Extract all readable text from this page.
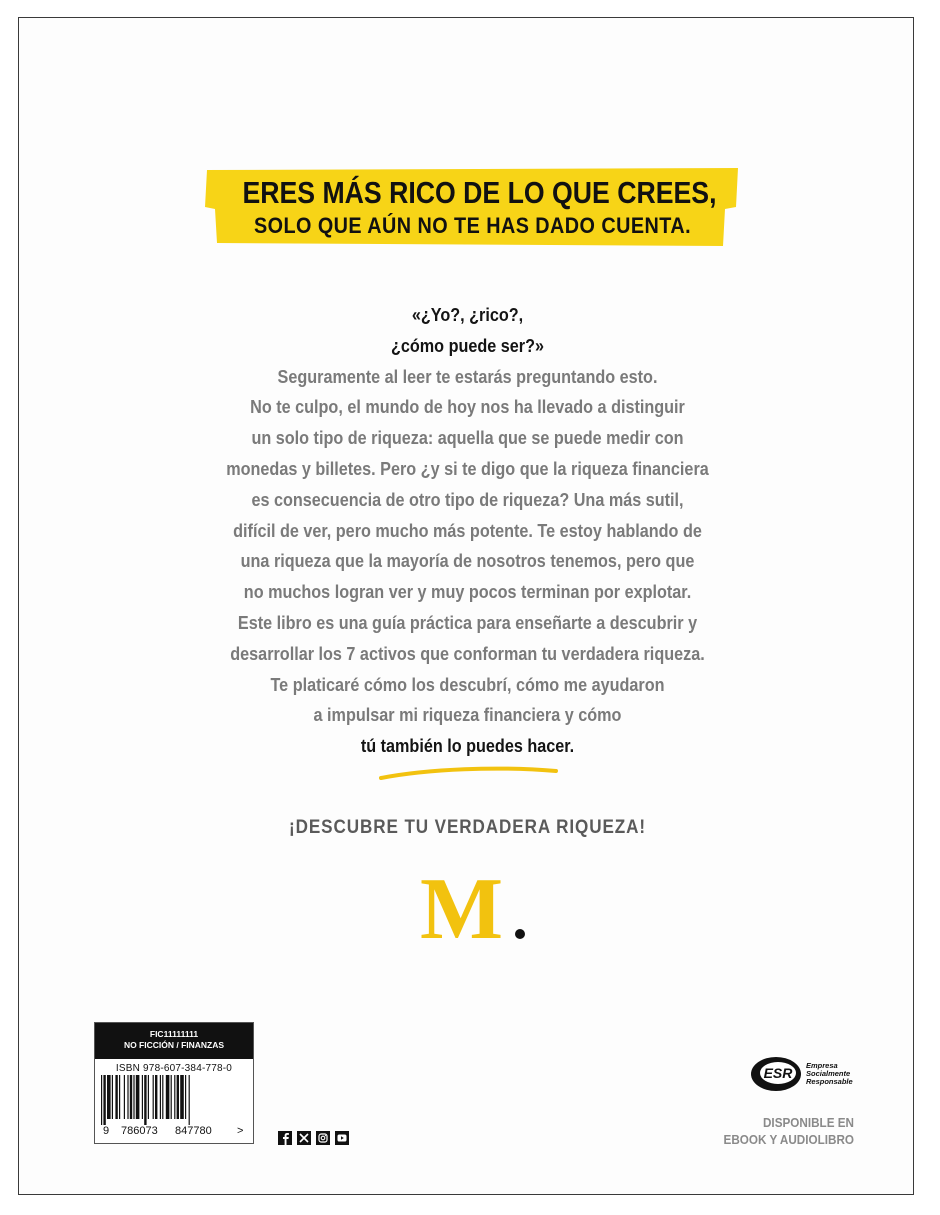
ERES MÁS RICO DE LO QUE CREES,
SOLO QUE AÚN NO TE HAS DADO CUENTA.
«¿Yo?, ¿rico?,
¿cómo puede ser?»
Seguramente al leer te estarás preguntando esto.
No te culpo, el mundo de hoy nos ha llevado a distinguir
un solo tipo de riqueza: aquella que se puede medir con
monedas y billetes. Pero ¿y si te digo que la riqueza financiera
es consecuencia de otro tipo de riqueza? Una más sutil,
difícil de ver, pero mucho más potente. Te estoy hablando de
una riqueza que la mayoría de nosotros tenemos, pero que
no muchos logran ver y muy pocos terminan por explotar.
Este libro es una guía práctica para enseñarte a descubrir y
desarrollar los 7 activos que conforman tu verdadera riqueza.
Te platicaré cómo los descubrí, cómo me ayudaron
a impulsar mi riqueza financiera y cómo
tú también lo puedes hacer.
¡DESCUBRE TU VERDADERA RIQUEZA!
M
FIC11111111
NO FICCIÓN / FINANZAS
ISBN 978-607-384-778-0
9 786073 847780 >
ESR Empresa
Socialmente
Responsable
DISPONIBLE EN
EBOOK Y AUDIOLIBRO
